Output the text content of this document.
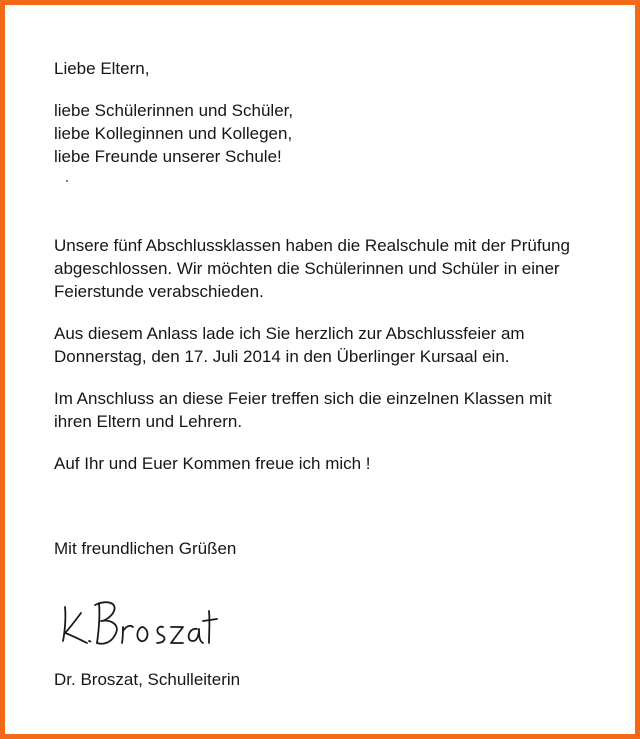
Liebe Eltern,
liebe Schülerinnen und Schüler,
liebe Kolleginnen und Kollegen,
liebe Freunde unserer Schule!
Unsere fünf Abschlussklassen haben die Realschule mit der Prüfung
abgeschlossen. Wir möchten die Schülerinnen und Schüler in einer
Feierstunde verabschieden.
Aus diesem Anlass lade ich Sie herzlich zur Abschlussfeier am
Donnerstag, den 17. Juli 2014 in den Überlinger Kursaal ein.
Im Anschluss an diese Feier treffen sich die einzelnen Klassen mit
ihren Eltern und Lehrern.
Auf Ihr und Euer Kommen freue ich mich !
Mit freundlichen Grüßen
Dr. Broszat, Schulleiterin
